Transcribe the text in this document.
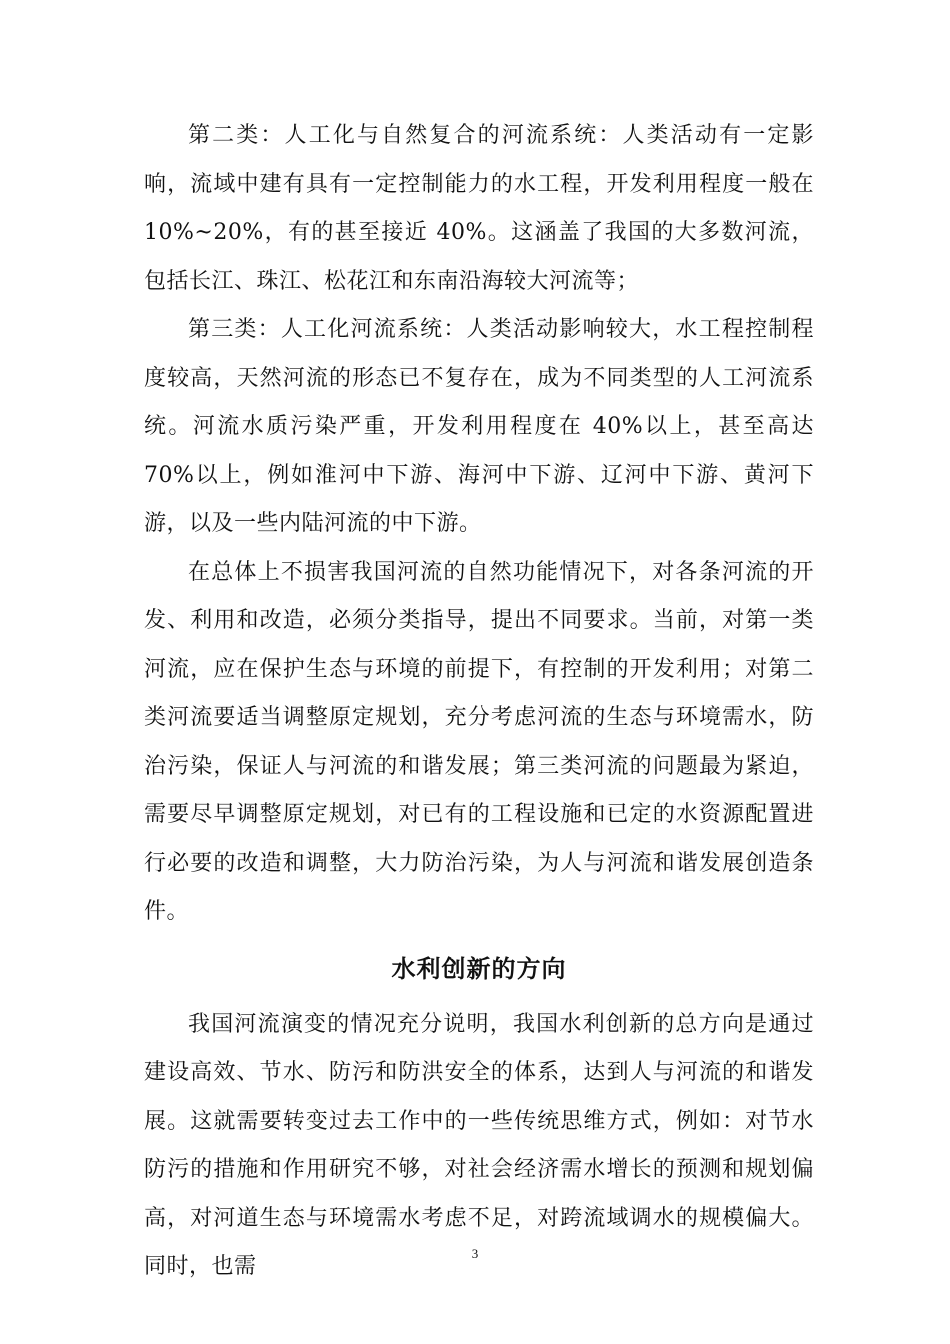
第二类：人工化与自然复合的河流系统：人类活动有一定影响，流域中建有具有一定控制能力的水工程，开发利用程度一般在10%~20%，有的甚至接近 40%。这涵盖了我国的大多数河流，包括长江、珠江、松花江和东南沿海较大河流等；

第三类：人工化河流系统：人类活动影响较大，水工程控制程度较高，天然河流的形态已不复存在，成为不同类型的人工河流系统。河流水质污染严重，开发利用程度在 40%以上，甚至高达 70%以上，例如淮河中下游、海河中下游、辽河中下游、黄河下游，以及一些内陆河流的中下游。

在总体上不损害我国河流的自然功能情况下，对各条河流的开发、利用和改造，必须分类指导，提出不同要求。当前，对第一类河流，应在保护生态与环境的前提下，有控制的开发利用；对第二类河流要适当调整原定规划，充分考虑河流的生态与环境需水，防治污染，保证人与河流的和谐发展；第三类河流的问题最为紧迫，需要尽早调整原定规划，对已有的工程设施和已定的水资源配置进行必要的改造和调整，大力防治污染，为人与河流和谐发展创造条件。

水利创新的方向

我国河流演变的情况充分说明，我国水利创新的总方向是通过建设高效、节水、防污和防洪安全的体系，达到人与河流的和谐发展。这就需要转变过去工作中的一些传统思维方式，例如：对节水防污的措施和作用研究不够，对社会经济需水增长的预测和规划偏高，对河道生态与环境需水考虑不足，对跨流域调水的规模偏大。同时，也需

3
